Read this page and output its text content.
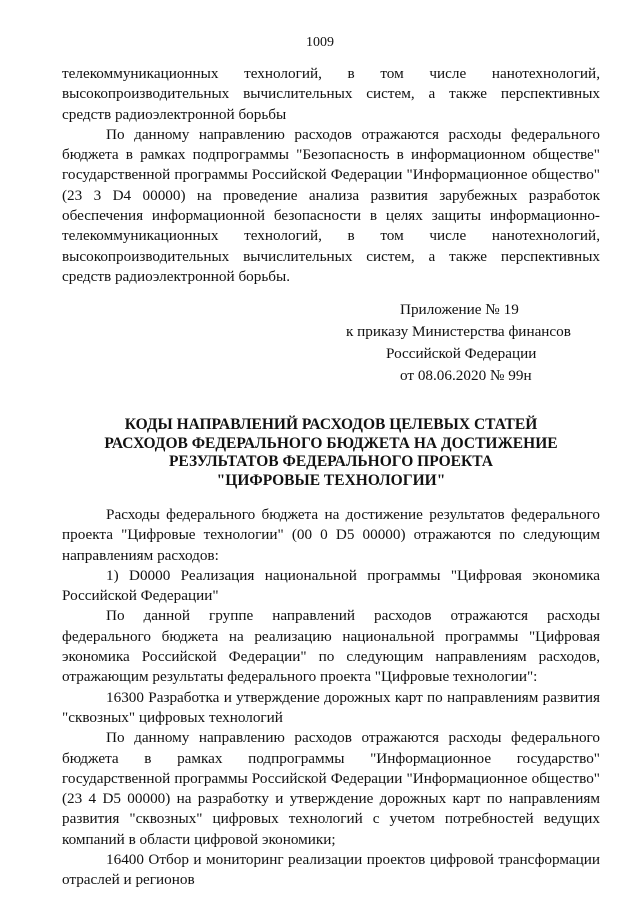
1009

телекоммуникационных технологий, в том числе нанотехнологий, высокопроизводительных вычислительных систем, а также перспективных средств радиоэлектронной борьбы

По данному направлению расходов отражаются расходы федерального бюджета в рамках подпрограммы "Безопасность в информационном обществе" государственной программы Российской Федерации "Информационное общество" (23 3 D4 00000) на проведение анализа развития зарубежных разработок обеспечения информационной безопасности в целях защиты информационно-телекоммуникационных технологий, в том числе нанотехнологий, высокопроизводительных вычислительных систем, а также перспективных средств радиоэлектронной борьбы.

Приложение № 19
к приказу Министерства финансов
Российской Федерации
от 08.06.2020 № 99н
КОДЫ НАПРАВЛЕНИЙ РАСХОДОВ ЦЕЛЕВЫХ СТАТЕЙ
РАСХОДОВ ФЕДЕРАЛЬНОГО БЮДЖЕТА НА ДОСТИЖЕНИЕ
РЕЗУЛЬТАТОВ ФЕДЕРАЛЬНОГО ПРОЕКТА
"ЦИФРОВЫЕ ТЕХНОЛОГИИ"

Расходы федерального бюджета на достижение результатов федерального проекта "Цифровые технологии" (00 0 D5 00000) отражаются по следующим направлениям расходов:

1) D0000 Реализация национальной программы "Цифровая экономика Российской Федерации"

По данной группе направлений расходов отражаются расходы федерального бюджета на реализацию национальной программы "Цифровая экономика Российской Федерации" по следующим направлениям расходов, отражающим результаты федерального проекта "Цифровые технологии":

16300 Разработка и утверждение дорожных карт по направлениям развития "сквозных" цифровых технологий

По данному направлению расходов отражаются расходы федерального бюджета в рамках подпрограммы "Информационное государство" государственной программы Российской Федерации "Информационное общество" (23 4 D5 00000) на разработку и утверждение дорожных карт по направлениям развития "сквозных" цифровых технологий с учетом потребностей ведущих компаний в области цифровой экономики;

16400 Отбор и мониторинг реализации проектов цифровой трансформации отраслей и регионов
